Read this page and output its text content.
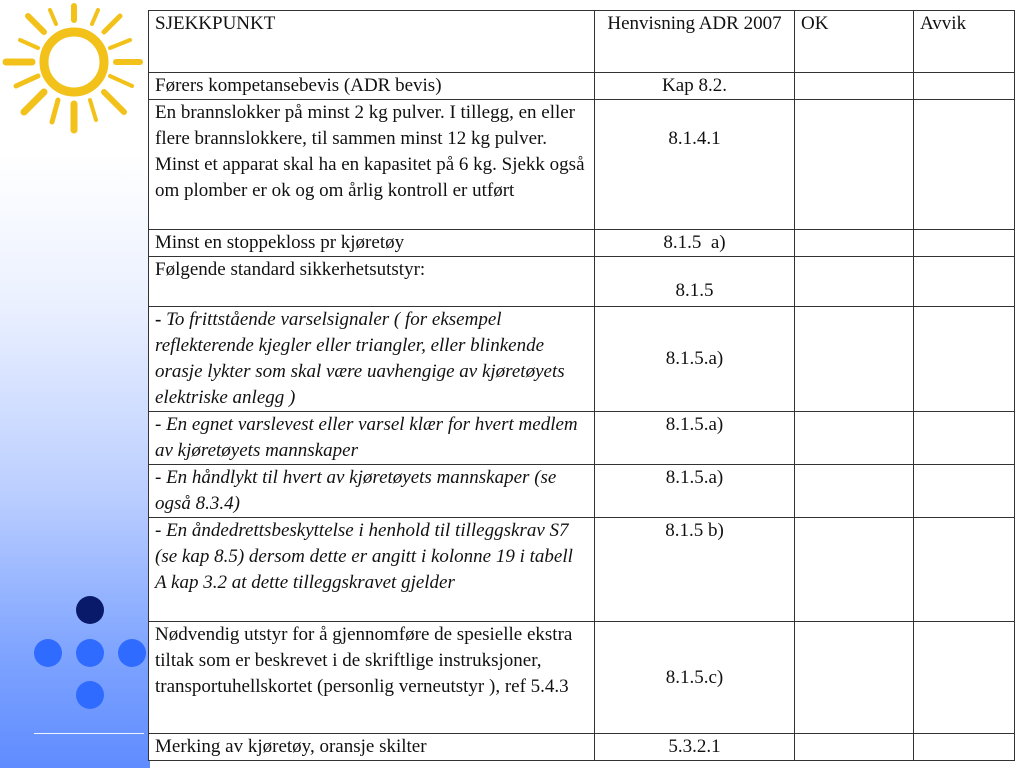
SJEKKPUNKT	Henvisning ADR 2007	OK	Avvik
Førers kompetansebevis (ADR bevis)	Kap 8.2.		
En brannslokker på minst 2 kg pulver. I tillegg, en eller flere brannslokkere, til sammen minst 12 kg pulver. Minst et apparat skal ha en kapasitet på 6 kg. Sjekk også om plomber er ok og om årlig kontroll er utført	8.1.4.1		
Minst en stoppekloss pr kjøretøy	8.1.5  a)		
Følgende standard sikkerhetsutstyr:	8.1.5		
- To frittstående varselsignaler ( for eksempel reflekterende kjegler eller triangler, eller blinkende orasje lykter som skal være uavhengige av kjøretøyets elektriske anlegg )	8.1.5.a)		
- En egnet varslevest eller varsel klær for hvert medlem av kjøretøyets mannskaper	8.1.5.a)		
- En håndlykt til hvert av kjøretøyets mannskaper (se også 8.3.4)	8.1.5.a)		
- En åndedrettsbeskyttelse i henhold til tilleggskrav S7 (se kap 8.5) dersom dette er angitt i kolonne 19 i tabell A kap 3.2 at dette tilleggskravet gjelder	8.1.5 b)		
Nødvendig utstyr for å gjennomføre de spesielle ekstra tiltak som er beskrevet i de skriftlige instruksjoner, transportuhellskortet (personlig verneutstyr ), ref 5.4.3	8.1.5.c)		
Merking av kjøretøy, oransje skilter	5.3.2.1		
